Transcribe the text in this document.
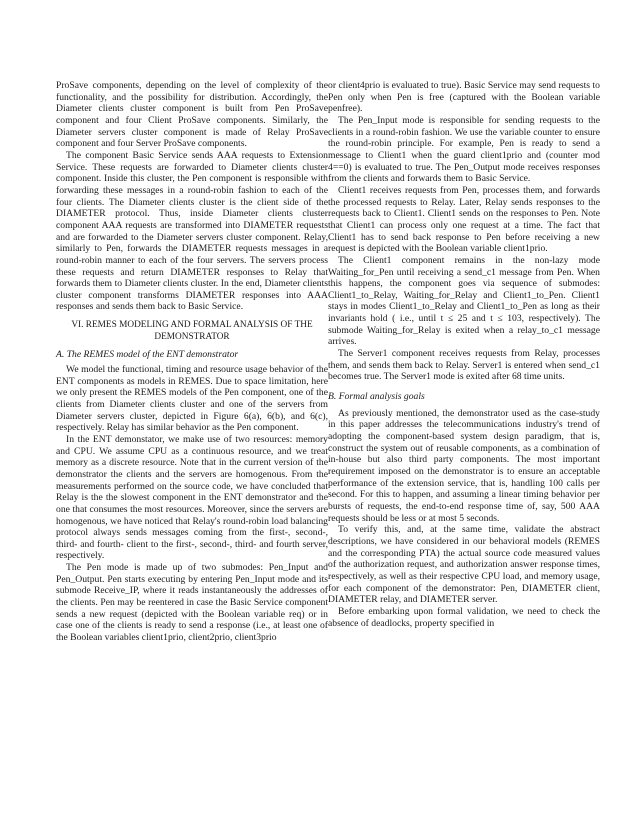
ProSave components, depending on the level of complexity of the functionality, and the possibility for distribution. Accordingly, the Diameter clients cluster component is built from Pen ProSave component and four Client ProSave components. Similarly, the Diameter servers cluster component is made of Relay ProSave component and four Server ProSave components.

The component Basic Service sends AAA requests to Extension Service. These requests are forwarded to Diameter clients cluster component. Inside this cluster, the Pen component is responsible with forwarding these messages in a round-robin fashion to each of the four clients. The Diameter clients cluster is the client side of the DIAMETER protocol. Thus, inside Diameter clients cluster component AAA requests are transformed into DIAMETER requests and are forwarded to the Diameter servers cluster component. Relay, similarly to Pen, forwards the DIAMETER requests messages in a round-robin manner to each of the four servers. The servers process these requests and return DIAMETER responses to Relay that forwards them to Diameter clients cluster. In the end, Diameter clients cluster component transforms DIAMETER responses into AAA responses and sends them back to Basic Service.

VI. REMES MODELING AND FORMAL ANALYSIS OF THE DEMONSTRATOR
A. The REMES model of the ENT demonstrator

We model the functional, timing and resource usage behavior of the ENT components as models in REMES. Due to space limitation, here we only present the REMES models of the Pen component, one of the clients from Diameter clients cluster and one of the servers from Diameter servers cluster, depicted in Figure 6(a), 6(b), and 6(c), respectively. Relay has similar behavior as the Pen component.

In the ENT demonstator, we make use of two resources: memory and CPU. We assume CPU as a continuous resource, and we treat memory as a discrete resource. Note that in the current version of the demonstrator the clients and the servers are homogenous. From the measurements performed on the source code, we have concluded that Relay is the the slowest component in the ENT demonstrator and the one that consumes the most resources. Moreover, since the servers are homogenous, we have noticed that Relay's round-robin load balancing protocol always sends messages coming from the first-, second-, third- and fourth- client to the first-, second-, third- and fourth server, respectively.

The Pen mode is made up of two submodes: Pen_Input and Pen_Output. Pen starts executing by entering Pen_Input mode and its submode Receive_IP, where it reads instantaneously the addresses of the clients. Pen may be reentered in case the Basic Service component sends a new request (depicted with the Boolean variable req) or in case one of the clients is ready to send a response (i.e., at least one of the Boolean variables client1prio, client2prio, client3prio

or client4prio is evaluated to true). Basic Service may send requests to Pen only when Pen is free (captured with the Boolean variable penfree).

The Pen_Input mode is responsible for sending requests to the clients in a round-robin fashion. We use the variable counter to ensure the round-robin principle. For example, Pen is ready to send a message to Client1 when the guard client1prio and (counter mod 4==0) is evaluated to true. The Pen_Output mode receives responses from the clients and forwards them to Basic Service.

Client1 receives requests from Pen, processes them, and forwards the processed requests to Relay. Later, Relay sends responses to the requests back to Client1. Client1 sends on the responses to Pen. Note that Client1 can process only one request at a time. The fact that Client1 has to send back response to Pen before receiving a new request is depicted with the Boolean variable client1prio.

The Client1 component remains in the non-lazy mode Waiting_for_Pen until receiving a send_c1 message from Pen. When this happens, the component goes via sequence of submodes: Client1_to_Relay, Waiting_for_Relay and Client1_to_Pen. Client1 stays in modes Client1_to_Relay and Client1_to_Pen as long as their invariants hold ( i.e., until t ≤ 25 and t ≤ 103, respectively). The submode Waiting_for_Relay is exited when a relay_to_c1 message arrives.

The Server1 component receives requests from Relay, processes them, and sends them back to Relay. Server1 is entered when send_c1 becomes true. The Server1 mode is exited after 68 time units.

B. Formal analysis goals

As previously mentioned, the demonstrator used as the case-study in this paper addresses the telecommunications industry's trend of adopting the component-based system design paradigm, that is, construct the system out of reusable components, as a combination of in-house but also third party components. The most important requirement imposed on the demonstrator is to ensure an acceptable performance of the extension service, that is, handling 100 calls per second. For this to happen, and assuming a linear timing behavior per bursts of requests, the end-to-end response time of, say, 500 AAA requests should be less or at most 5 seconds.

To verify this, and, at the same time, validate the abstract descriptions, we have considered in our behavioral models (REMES and the corresponding PTA) the actual source code measured values of the authorization request, and authorization answer response times, respectively, as well as their respective CPU load, and memory usage, for each component of the demonstrator: Pen, DIAMETER client, DIAMETER relay, and DIAMETER server.

Before embarking upon formal validation, we need to check the absence of deadlocks, property specified in
